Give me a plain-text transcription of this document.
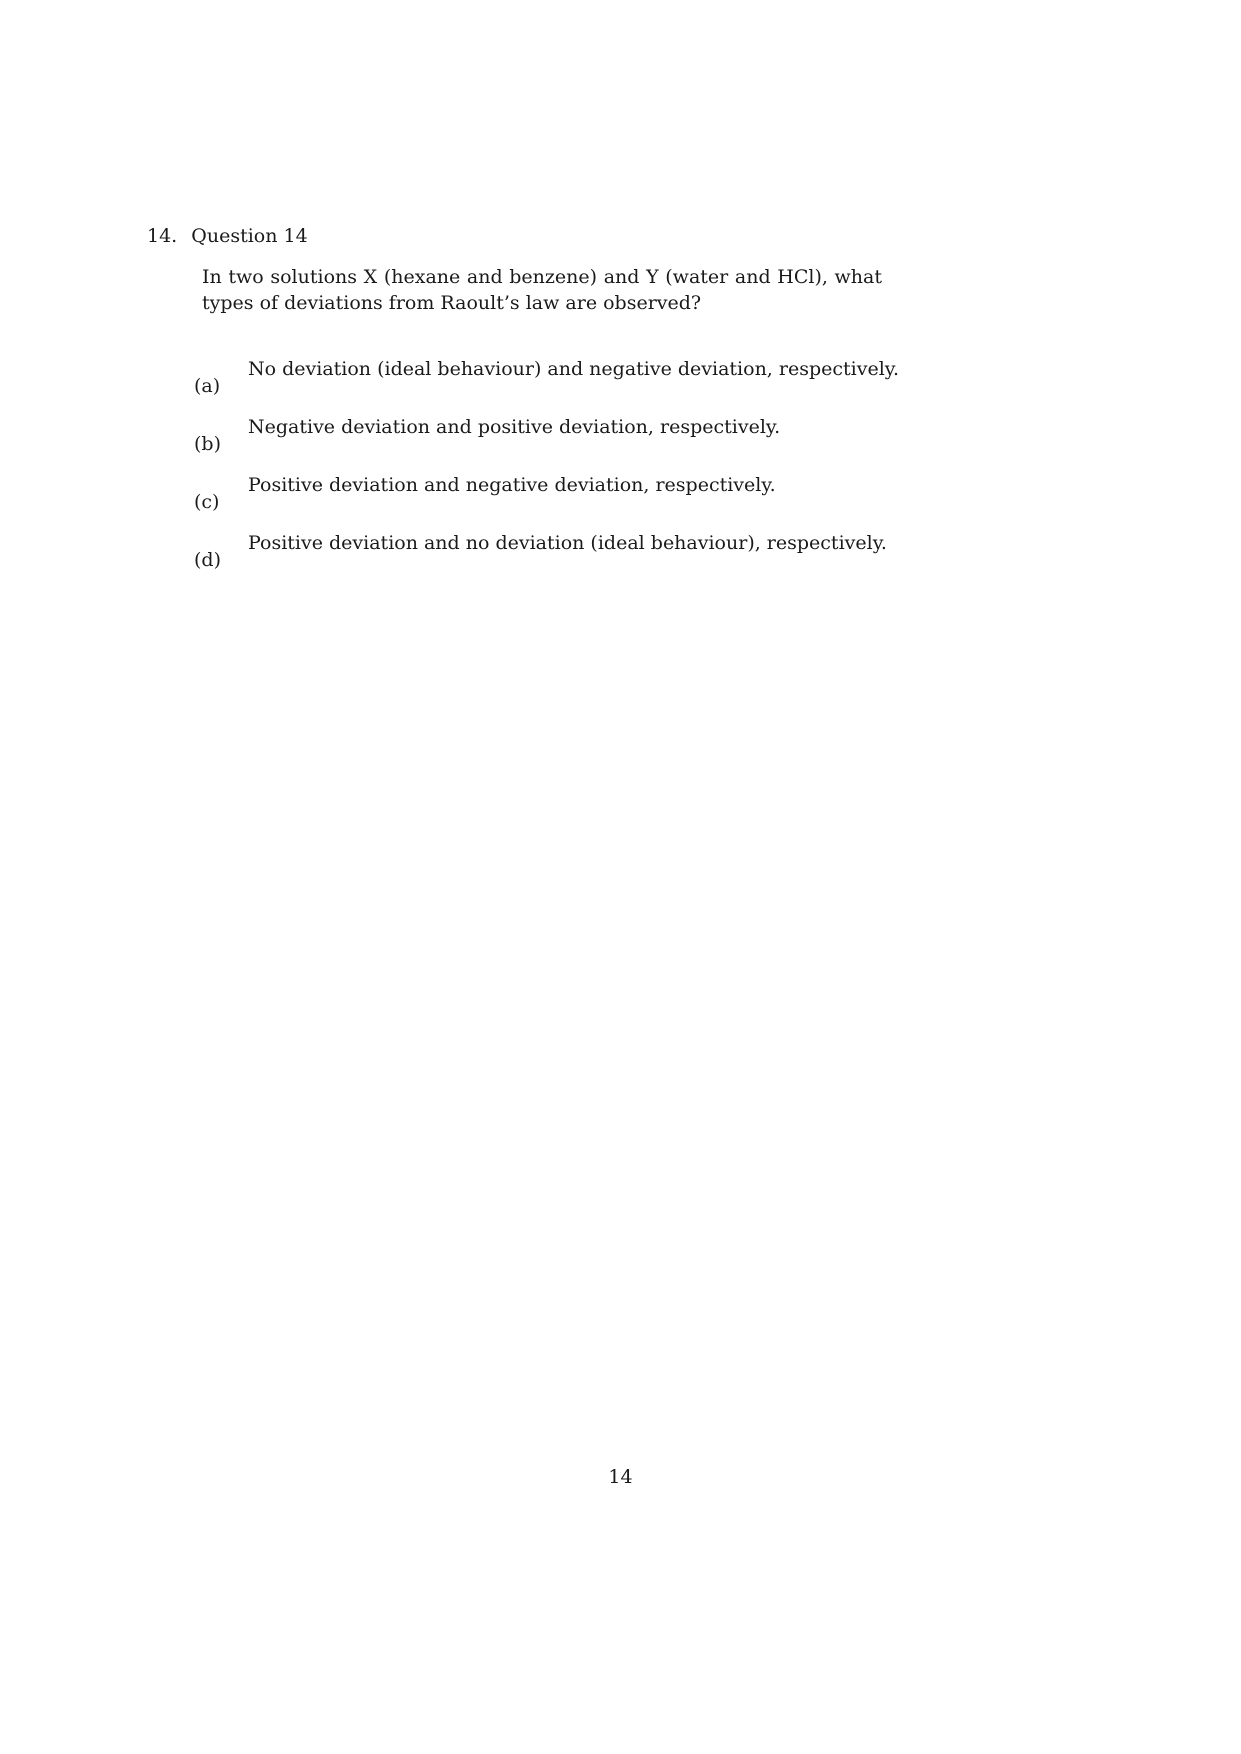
14. Question 14
In two solutions X (hexane and benzene) and Y (water and HCl), what types of deviations from Raoult’s law are observed?
(a)
No deviation (ideal behaviour) and negative deviation, respectively.
(b)
Negative deviation and positive deviation, respectively.
(c)
Positive deviation and negative deviation, respectively.
(d)
Positive deviation and no deviation (ideal behaviour), respectively.
14
